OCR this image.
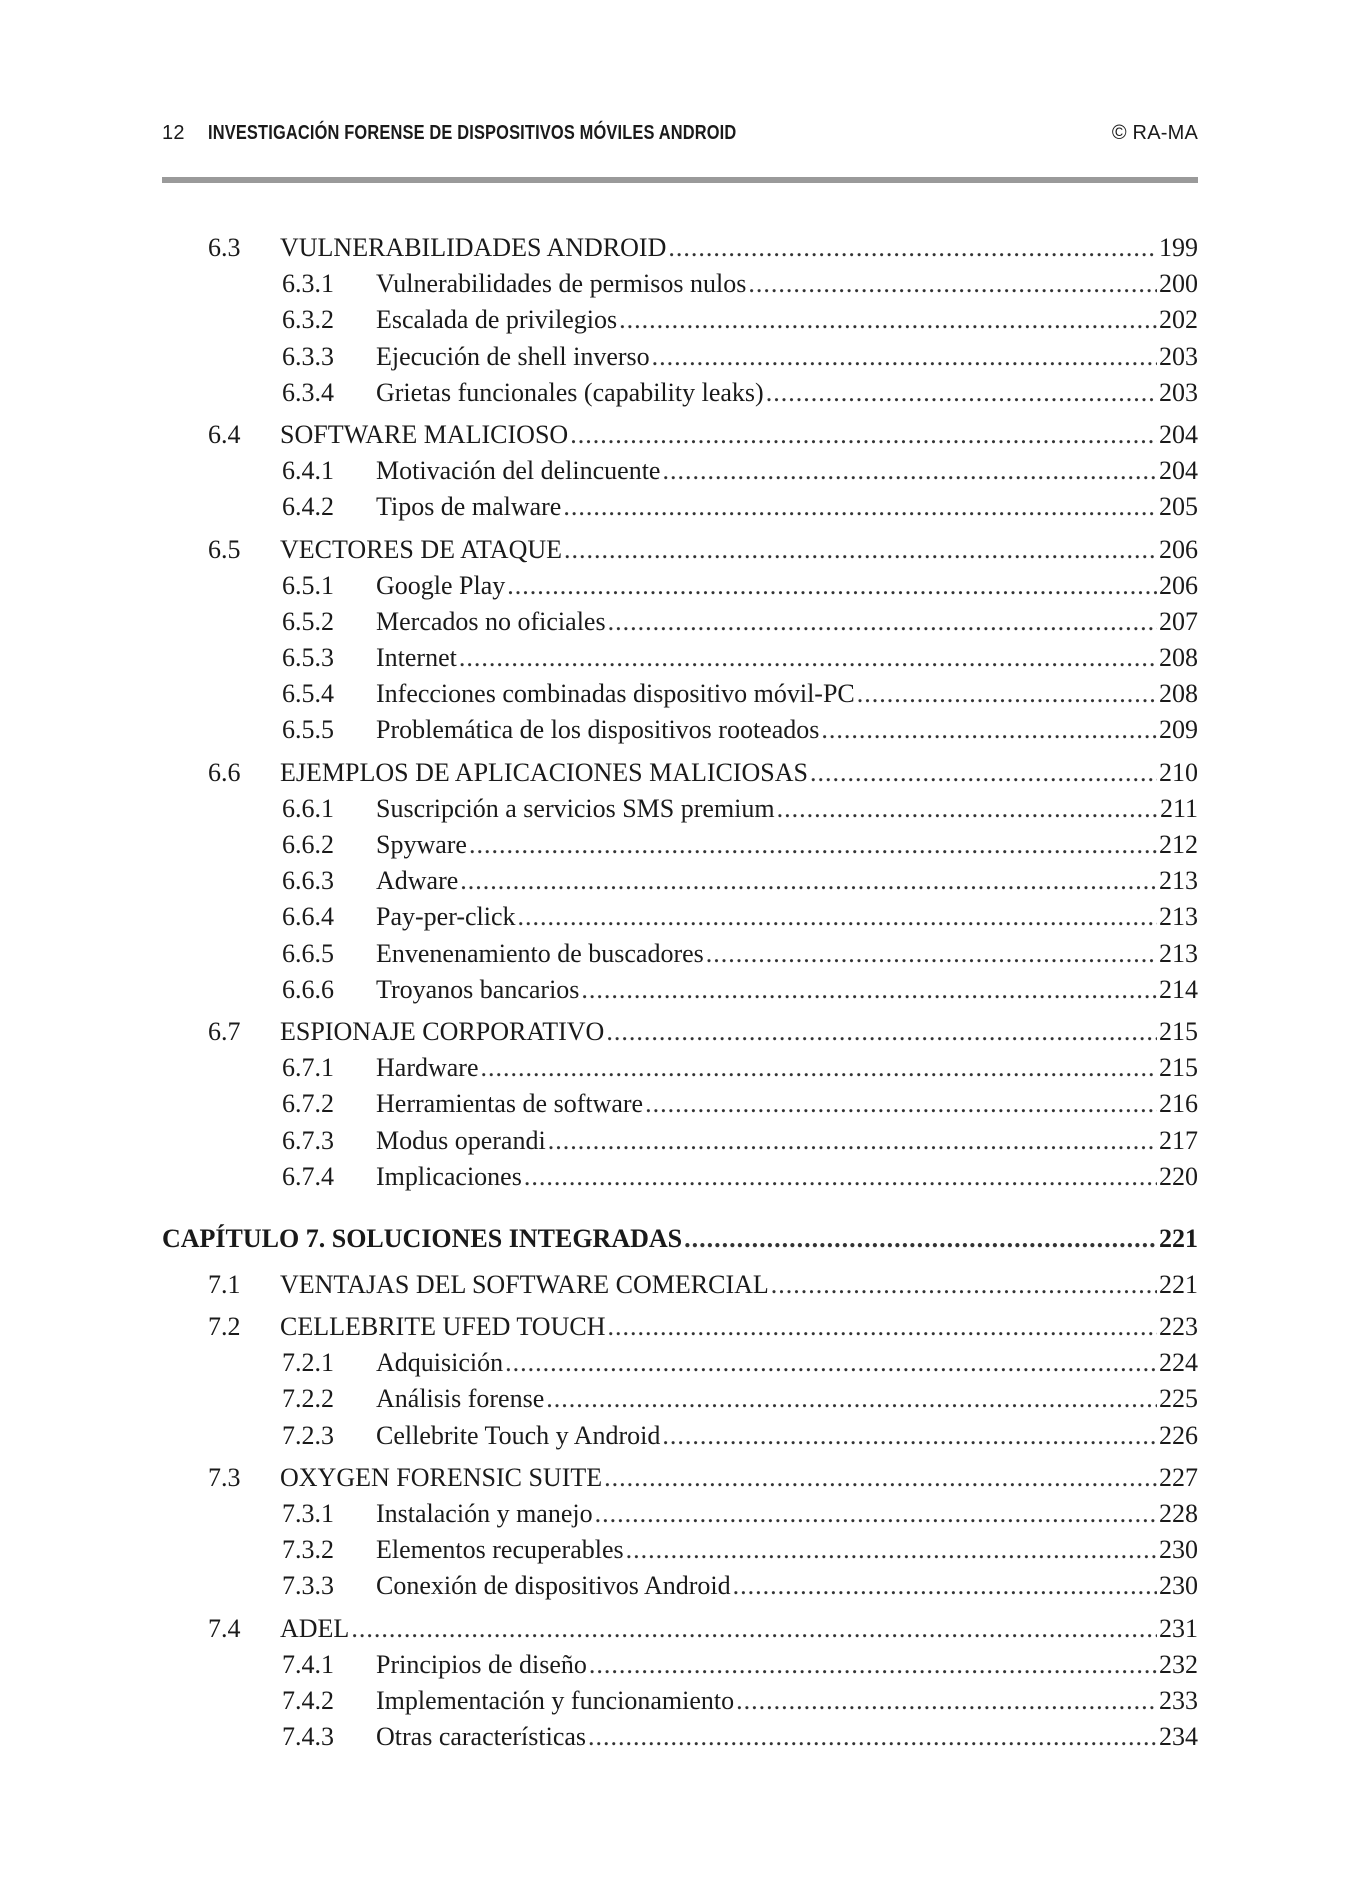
12 INVESTIGACIÓN FORENSE DE DISPOSITIVOS MÓVILES ANDROID	© RA-MA
6.3	VULNERABILIDADES ANDROID .....	199
6.3.1	Vulnerabilidades de permisos nulos .....	200
6.3.2	Escalada de privilegios .....	202
6.3.3	Ejecución de shell inverso .....	203
6.3.4	Grietas funcionales (capability leaks) .....	203
6.4	SOFTWARE MALICIOSO .....	204
6.4.1	Motivación del delincuente .....	204
6.4.2	Tipos de malware .....	205
6.5	VECTORES DE ATAQUE .....	206
6.5.1	Google Play .....	206
6.5.2	Mercados no oficiales .....	207
6.5.3	Internet .....	208
6.5.4	Infecciones combinadas dispositivo móvil-PC .....	208
6.5.5	Problemática de los dispositivos rooteados .....	209
6.6	EJEMPLOS DE APLICACIONES MALICIOSAS .....	210
6.6.1	Suscripción a servicios SMS premium .....	211
6.6.2	Spyware .....	212
6.6.3	Adware .....	213
6.6.4	Pay-per-click .....	213
6.6.5	Envenenamiento de buscadores .....	213
6.6.6	Troyanos bancarios .....	214
6.7	ESPIONAJE CORPORATIVO .....	215
6.7.1	Hardware .....	215
6.7.2	Herramientas de software .....	216
6.7.3	Modus operandi .....	217
6.7.4	Implicaciones .....	220
CAPÍTULO 7. SOLUCIONES INTEGRADAS .....	221
7.1	VENTAJAS DEL SOFTWARE COMERCIAL .....	221
7.2	CELLEBRITE UFED TOUCH .....	223
7.2.1	Adquisición .....	224
7.2.2	Análisis forense .....	225
7.2.3	Cellebrite Touch y Android .....	226
7.3	OXYGEN FORENSIC SUITE .....	227
7.3.1	Instalación y manejo .....	228
7.3.2	Elementos recuperables .....	230
7.3.3	Conexión de dispositivos Android .....	230
7.4	ADEL .....	231
7.4.1	Principios de diseño .....	232
7.4.2	Implementación y funcionamiento .....	233
7.4.3	Otras características .....	234
